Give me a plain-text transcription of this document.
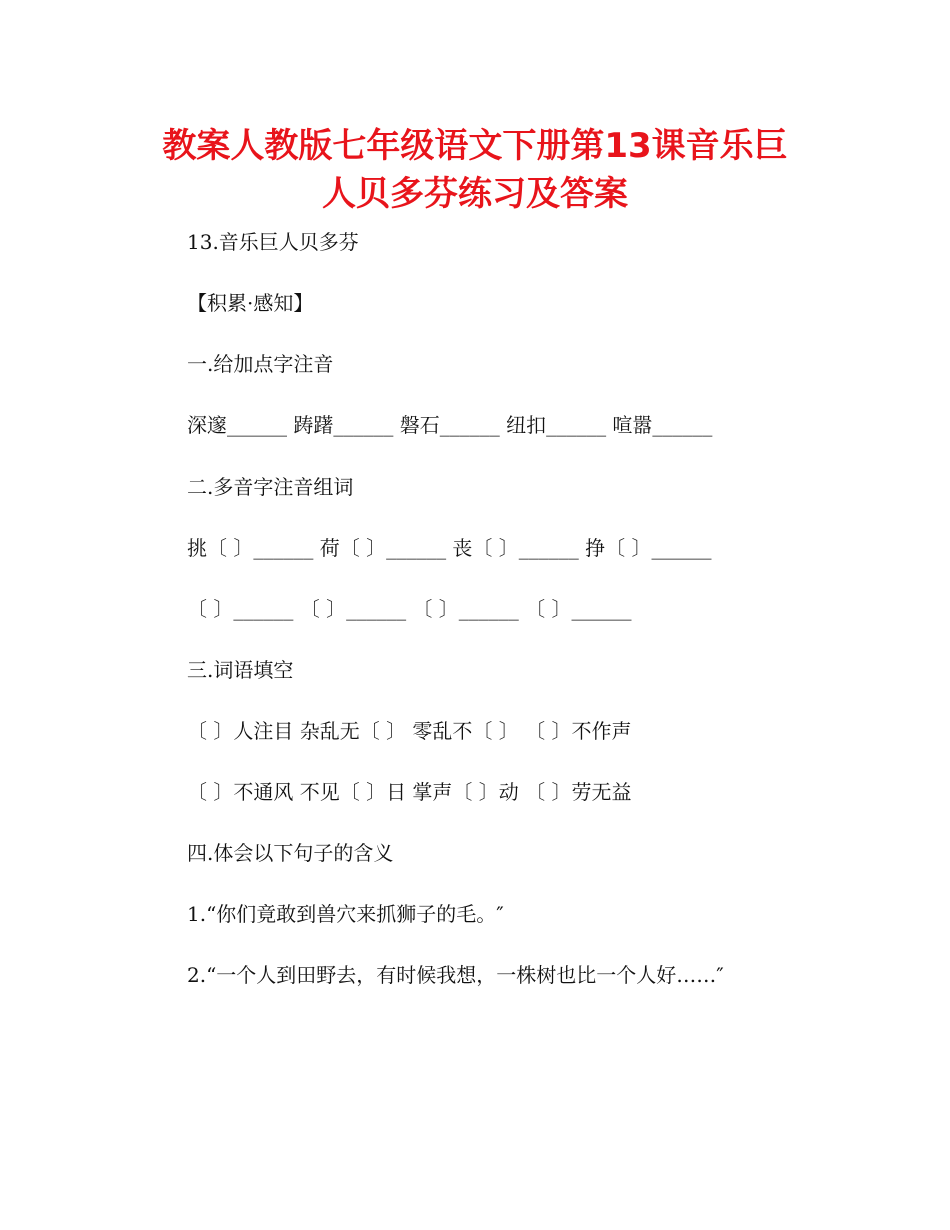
教案人教版七年级语文下册第13课音乐巨
人贝多芬练习及答案

13.音乐巨人贝多芬

【积累·感知】

一.给加点字注音

深邃______ 踌躇______ 磐石______ 纽扣______ 喧嚣______

二.多音字注音组词

挑〔 〕______ 荷〔 〕______ 丧〔 〕______ 挣〔 〕______

〔 〕______ 〔 〕______ 〔 〕______ 〔 〕______

三.词语填空

〔 〕人注目 杂乱无〔 〕 零乱不〔 〕 〔 〕不作声

〔 〕不通风 不见〔 〕日 掌声〔 〕动 〔 〕劳无益

四.体会以下句子的含义

1.“你们竟敢到兽穴来抓狮子的毛。″

2.“一个人到田野去，有时候我想，一株树也比一个人好……″
